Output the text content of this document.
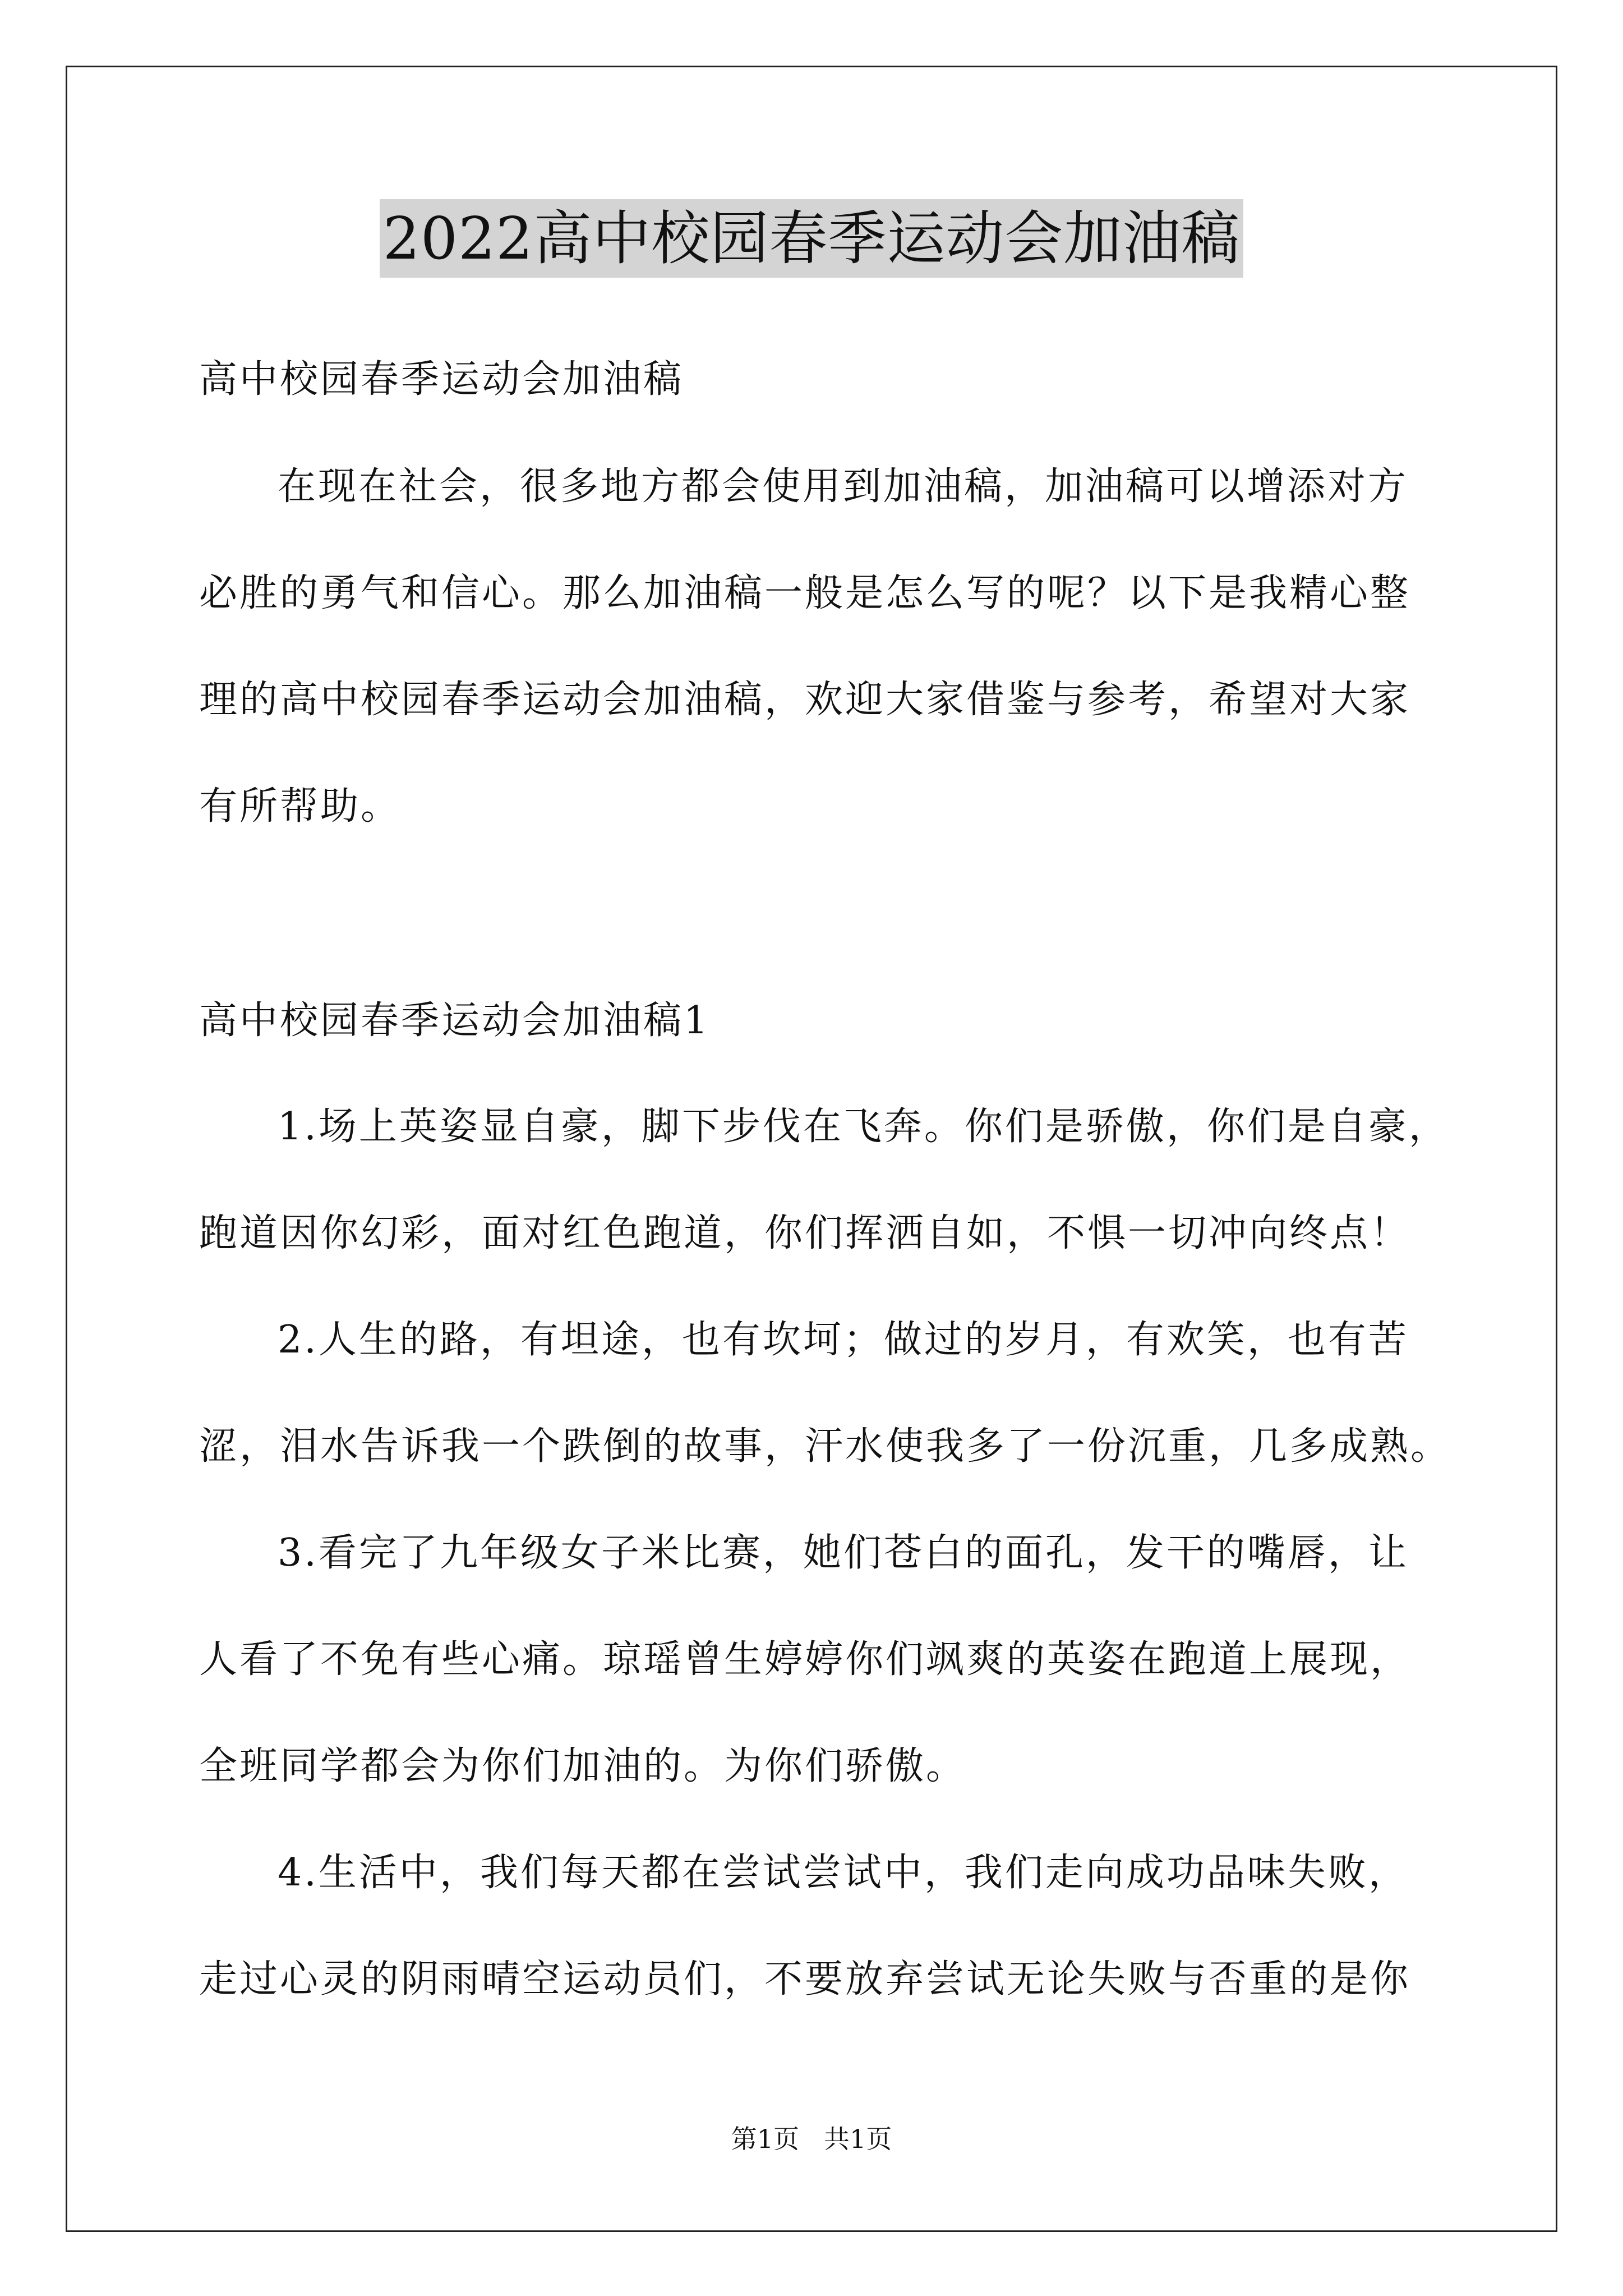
2022高中校园春季运动会加油稿
高中校园春季运动会加油稿
在现在社会，很多地方都会使用到加油稿，加油稿可以增添对方
必胜的勇气和信心。那么加油稿一般是怎么写的呢？以下是我精心整
理的高中校园春季运动会加油稿，欢迎大家借鉴与参考，希望对大家
有所帮助。
高中校园春季运动会加油稿1
1.场上英姿显自豪，脚下步伐在飞奔。你们是骄傲，你们是自豪，
跑道因你幻彩，面对红色跑道，你们挥洒自如，不惧一切冲向终点！
2.人生的路，有坦途，也有坎坷；做过的岁月，有欢笑，也有苦
涩，泪水告诉我一个跌倒的故事，汗水使我多了一份沉重，几多成熟。
3.看完了九年级女子米比赛，她们苍白的面孔，发干的嘴唇，让
人看了不免有些心痛。琼瑶曾生婷婷你们飒爽的英姿在跑道上展现，
全班同学都会为你们加油的。为你们骄傲。
4.生活中，我们每天都在尝试尝试中，我们走向成功品味失败，
走过心灵的阴雨晴空运动员们，不要放弃尝试无论失败与否重的是你
第1页 共1页
